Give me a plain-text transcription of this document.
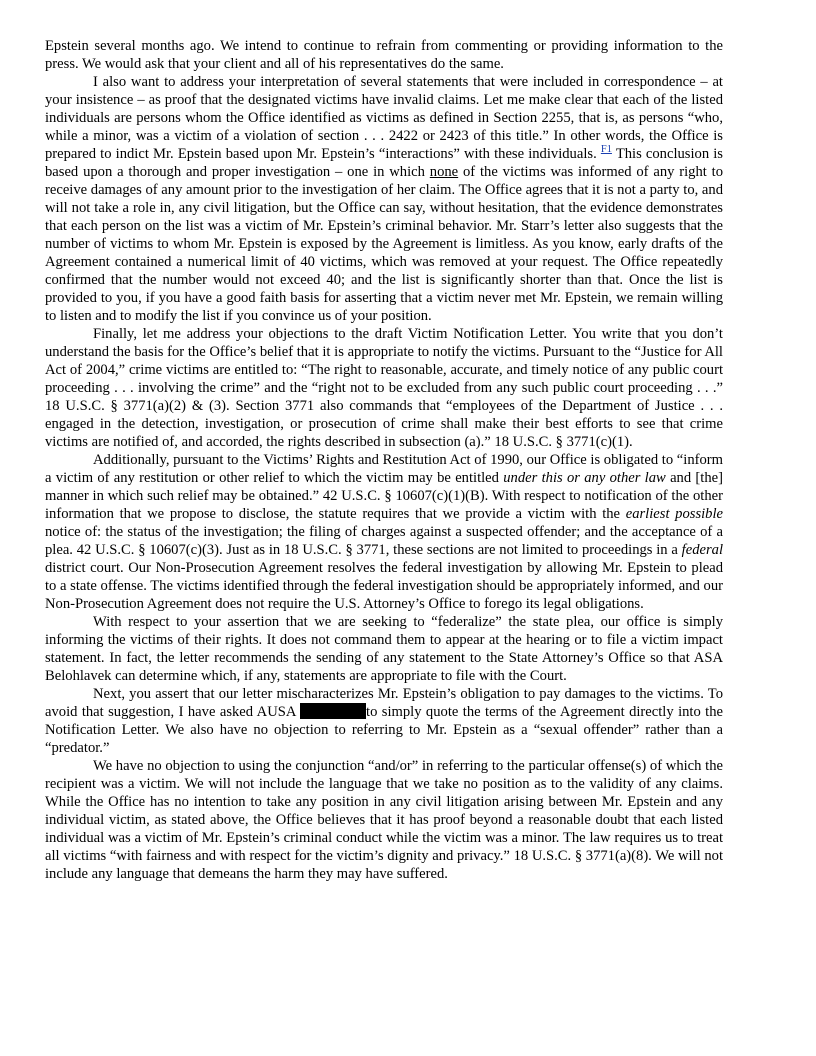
Epstein several months ago. We intend to continue to refrain from commenting or providing information to the press. We would ask that your client and all of his representatives do the same.

I also want to address your interpretation of several statements that were included in correspondence – at your insistence – as proof that the designated victims have invalid claims. Let me make clear that each of the listed individuals are persons whom the Office identified as victims as defined in Section 2255, that is, as persons “who, while a minor, was a victim of a violation of section . . . 2422 or 2423 of this title.” In other words, the Office is prepared to indict Mr. Epstein based upon Mr. Epstein’s “interactions” with these individuals. $^{F1}$ This conclusion is based upon a thorough and proper investigation – one in which none of the victims was informed of any right to receive damages of any amount prior to the investigation of her claim. The Office agrees that it is not a party to, and will not take a role in, any civil litigation, but the Office can say, without hesitation, that the evidence demonstrates that each person on the list was a victim of Mr. Epstein’s criminal behavior. Mr. Starr’s letter also suggests that the number of victims to whom Mr. Epstein is exposed by the Agreement is limitless. As you know, early drafts of the Agreement contained a numerical limit of 40 victims, which was removed at your request. The Office repeatedly confirmed that the number would not exceed 40; and the list is significantly shorter than that. Once the list is provided to you, if you have a good faith basis for asserting that a victim never met Mr. Epstein, we remain willing to listen and to modify the list if you convince us of your position.

Finally, let me address your objections to the draft Victim Notification Letter. You write that you don’t understand the basis for the Office’s belief that it is appropriate to notify the victims. Pursuant to the “Justice for All Act of 2004,” crime victims are entitled to: “The right to reasonable, accurate, and timely notice of any public court proceeding . . . involving the crime” and the “right not to be excluded from any such public court proceeding . . .” 18 U.S.C. § 3771(a)(2) & (3). Section 3771 also commands that “employees of the Department of Justice . . . engaged in the detection, investigation, or prosecution of crime shall make their best efforts to see that crime victims are notified of, and accorded, the rights described in subsection (a).” 18 U.S.C. § 3771(c)(1).

Additionally, pursuant to the Victims’ Rights and Restitution Act of 1990, our Office is obligated to “inform a victim of any restitution or other relief to which the victim may be entitled under this or any other law and [the] manner in which such relief may be obtained.” 42 U.S.C. § 10607(c)(1)(B). With respect to notification of the other information that we propose to disclose, the statute requires that we provide a victim with the earliest possible notice of: the status of the investigation; the filing of charges against a suspected offender; and the acceptance of a plea. 42 U.S.C. § 10607(c)(3). Just as in 18 U.S.C. § 3771, these sections are not limited to proceedings in a federal district court. Our Non-Prosecution Agreement resolves the federal investigation by allowing Mr. Epstein to plead to a state offense. The victims identified through the federal investigation should be appropriately informed, and our Non-Prosecution Agreement does not require the U.S. Attorney’s Office to forego its legal obligations.

With respect to your assertion that we are seeking to “federalize” the state plea, our office is simply informing the victims of their rights. It does not command them to appear at the hearing or to file a victim impact statement. In fact, the letter recommends the sending of any statement to the State Attorney’s Office so that ASA Belohlavek can determine which, if any, statements are appropriate to file with the Court.

Next, you assert that our letter mischaracterizes Mr. Epstein’s obligation to pay damages to the victims. To avoid that suggestion, I have asked AUSA	to simply quote the terms of the Agreement directly into the Notification Letter. We also have no objection to referring to Mr. Epstein as a “sexual offender” rather than a “predator.”

We have no objection to using the conjunction “and/or” in referring to the particular offense(s) of which the recipient was a victim. We will not include the language that we take no position as to the validity of any claims. While the Office has no intention to take any position in any civil litigation arising between Mr. Epstein and any individual victim, as stated above, the Office believes that it has proof beyond a reasonable doubt that each listed individual was a victim of Mr. Epstein’s criminal conduct while the victim was a minor. The law requires us to treat all victims “with fairness and with respect for the victim’s dignity and privacy.” 18 U.S.C. § 3771(a)(8). We will not include any language that demeans the harm they may have suffered.
